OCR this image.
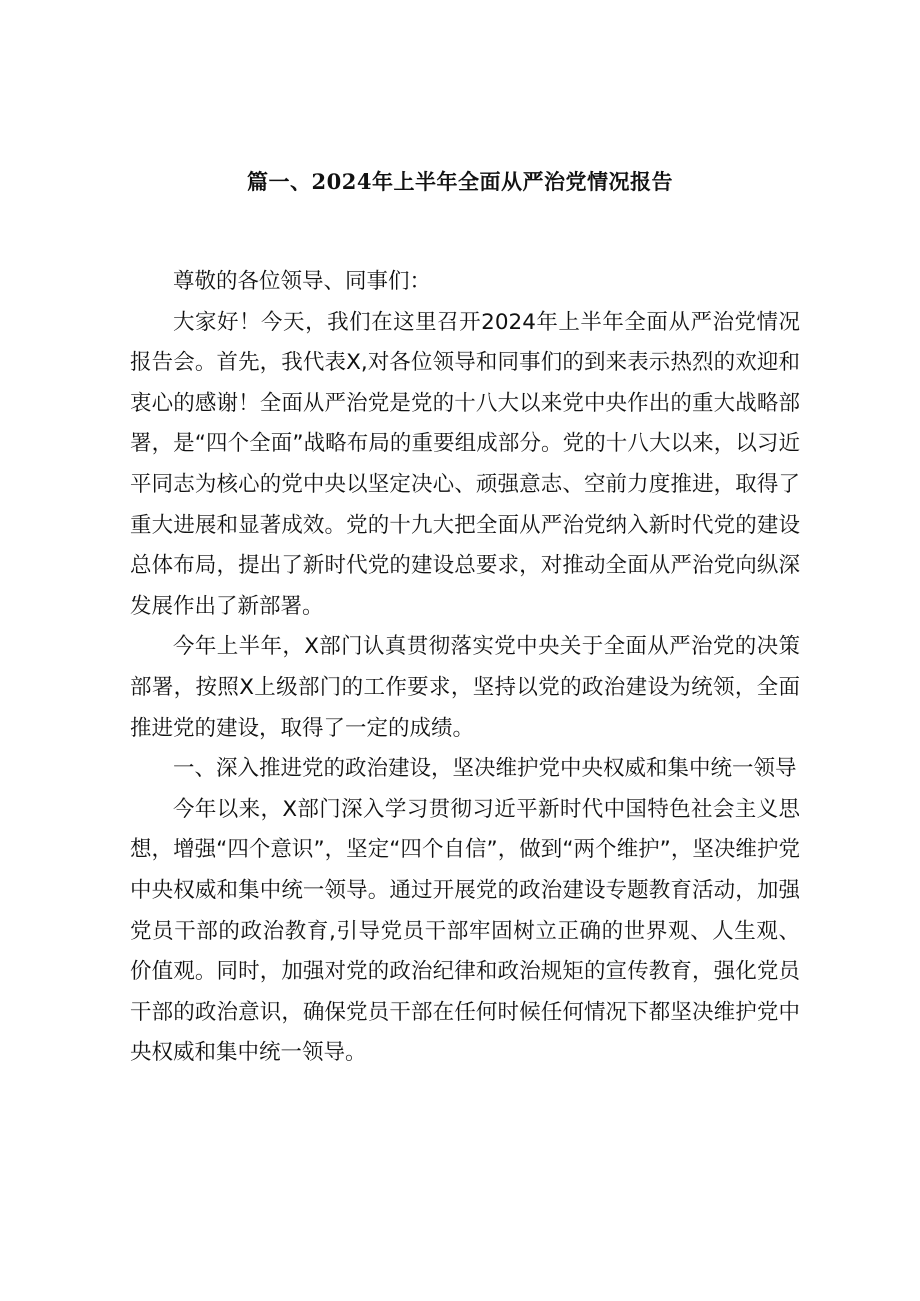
篇一、2024年上半年全面从严治党情况报告

尊敬的各位领导、同事们：

大家好！今天，我们在这里召开2024年上半年全面从严治党情况报告会。首先，我代表X,对各位领导和同事们的到来表示热烈的欢迎和衷心的感谢！全面从严治党是党的十八大以来党中央作出的重大战略部署，是“四个全面”战略布局的重要组成部分。党的十八大以来，以习近平同志为核心的党中央以坚定决心、顽强意志、空前力度推进，取得了重大进展和显著成效。党的十九大把全面从严治党纳入新时代党的建设总体布局，提出了新时代党的建设总要求，对推动全面从严治党向纵深发展作出了新部署。

今年上半年，X部门认真贯彻落实党中央关于全面从严治党的决策部署，按照X上级部门的工作要求，坚持以党的政治建设为统领，全面推进党的建设，取得了一定的成绩。

一、深入推进党的政治建设，坚决维护党中央权威和集中统一领导

今年以来，X部门深入学习贯彻习近平新时代中国特色社会主义思想，增强“四个意识”，坚定“四个自信”，做到“两个维护”，坚决维护党中央权威和集中统一领导。通过开展党的政治建设专题教育活动，加强党员干部的政治教育,引导党员干部牢固树立正确的世界观、人生观、价值观。同时，加强对党的政治纪律和政治规矩的宣传教育，强化党员干部的政治意识，确保党员干部在任何时候任何情况下都坚决维护党中央权威和集中统一领导。
